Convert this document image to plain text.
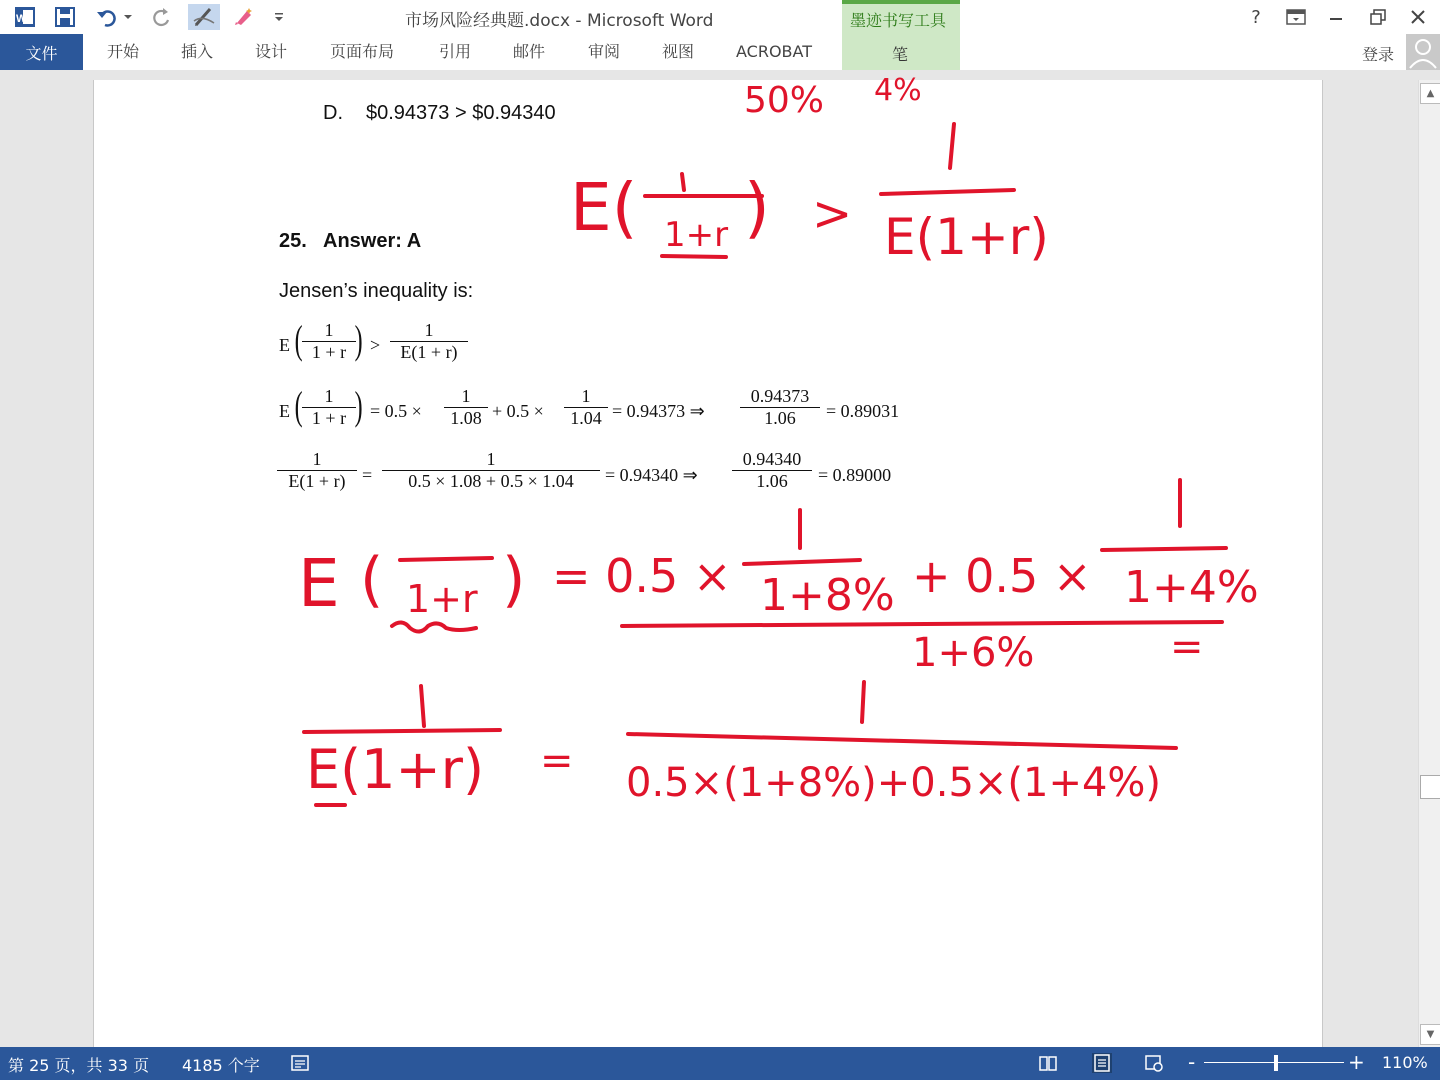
W	市场风险经典题.docx - Microsoft Word	墨迹书写工具	?
文件	开始	插入	设计	页面布局	引用	邮件	审阅	视图	ACROBAT	笔	登录
D. $0.94373 > $0.94340
25. Answer: A
Jensen’s inequality is:
E ( $\frac{1}{1 + r}$
) > $\frac{1}{E(1 + r)}$
E ( $\frac{1}{1 + r}$
) = $0.5 \times \frac{1}{1.08} + 0.5 \times \frac{1}{1.04} = 0.94373$ ⇒ $\frac{0.94373}{1.06} = 0.89031$
$\frac{1}{E(1 + r)} = \frac{1}{0.5 \times 1.08 + 0.5 \times 1.04} = 0.94340$ ⇒ $\frac{0.94340}{1.06} = 0.89000$
50% 4%
E( 1+r ) > E(1+r)
E ( 1+r ) = 0.5 × 1+8% + 0.5 × 1+4%
1+6%	=
E(1+r) = 0.5×(1+8%)+0.5×(1+4%)
▲
▼
第 25 页，共 33 页 4185 个字	-	+ 110%
